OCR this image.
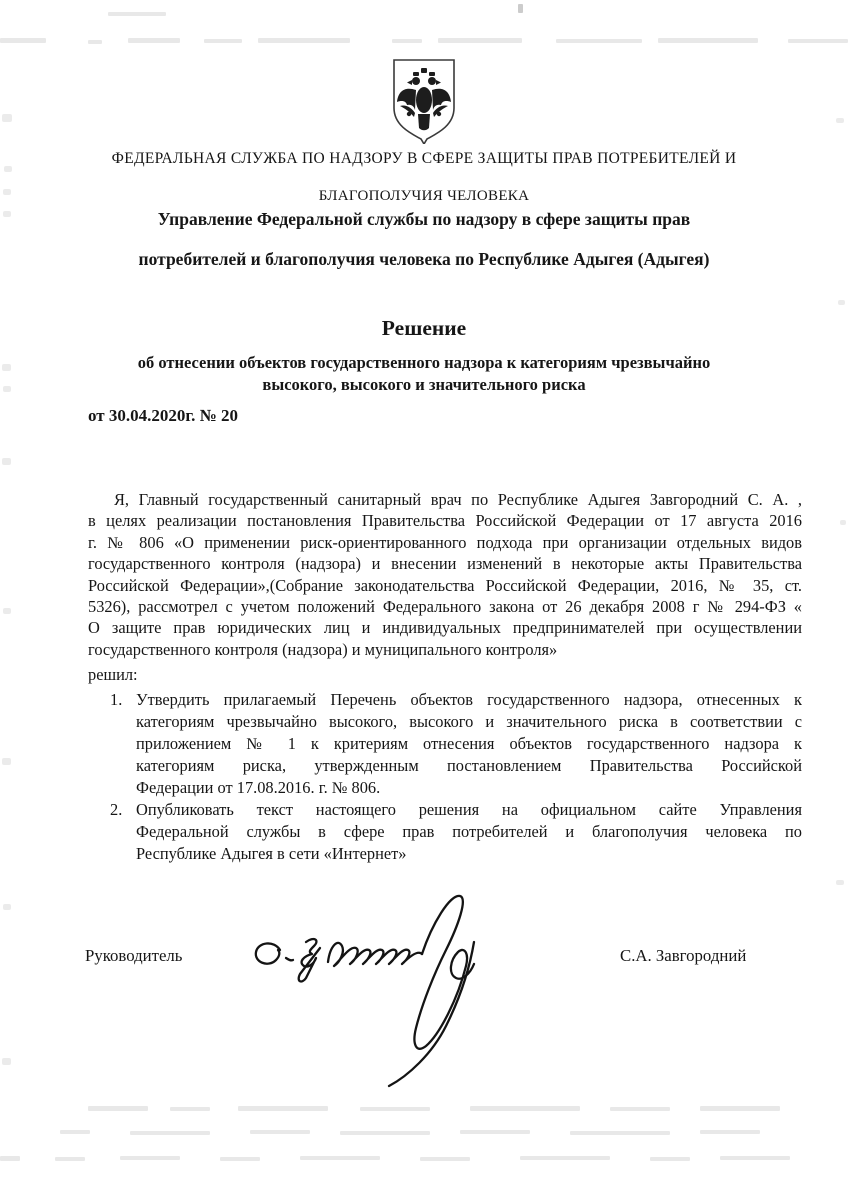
ФЕДЕРАЛЬНАЯ СЛУЖБА ПО НАДЗОРУ В СФЕРЕ ЗАЩИТЫ ПРАВ ПОТРЕБИТЕЛЕЙ И
БЛАГОПОЛУЧИЯ ЧЕЛОВЕКА
Управление Федеральной службы по надзору в сфере защиты прав
потребителей и благополучия человека по Республике Адыгея (Адыгея)
Решение
об отнесении объектов государственного надзора к категориям чрезвычайно
высокого, высокого и значительного риска
от 30.04.2020г. № 20
Я, Главный государственный санитарный врач по Республике Адыгея Завгородний С. А. ,
в целях реализации постановления Правительства Российской Федерации от 17 августа 2016
г. № 806 «О применении риск-ориентированного подхода при организации отдельных видов
государственного контроля (надзора) и внесении изменений в некоторые акты Правительства
Российской Федерации»,(Собрание законодательства Российской Федерации, 2016, № 35, ст.
5326), рассмотрел с учетом положений Федерального закона от 26 декабря 2008 г № 294-ФЗ «
О защите прав юридических лиц и индивидуальных предпринимателей при осуществлении
государственного контроля (надзора) и муниципального контроля»
решил:
1. Утвердить прилагаемый Перечень объектов государственного надзора, отнесенных к
категориям чрезвычайно высокого, высокого и значительного риска в соответствии с
приложением № 1 к критериям отнесения объектов государственного надзора к
категориям риска, утвержденным постановлением Правительства Российской
Федерации от 17.08.2016. г. № 806.
2. Опубликовать текст настоящего решения на официальном сайте Управления
Федеральной службы в сфере прав потребителей и благополучия человека по
Республике Адыгея в сети «Интернет»
Руководитель	С.А. Завгородний
